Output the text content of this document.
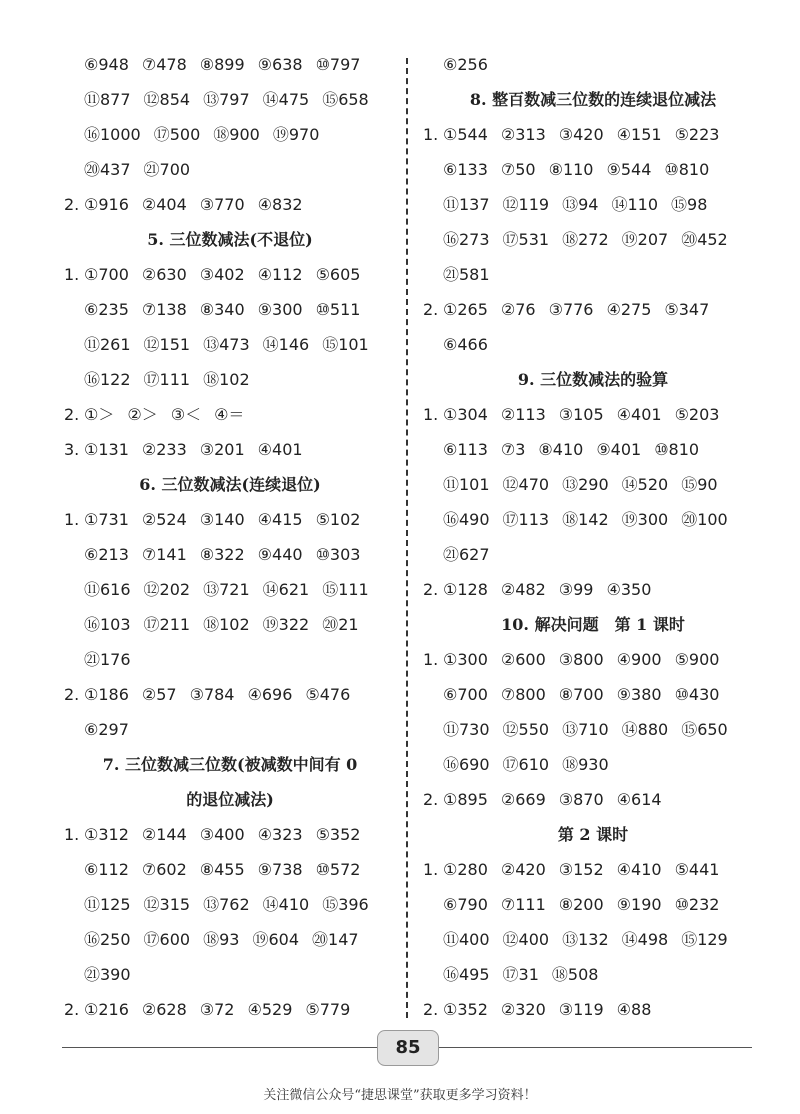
⑥948 ⑦478 ⑧899 ⑨638 ⑩797
⑪877 ⑫854 ⑬797 ⑭475 ⑮658
⑯1000 ⑰500 ⑱900 ⑲970
⑳437 ㉑700
2. ①916 ②404 ③770 ④832
5. 三位数减法(不退位)
1. ①700 ②630 ③402 ④112 ⑤605
⑥235 ⑦138 ⑧340 ⑨300 ⑩511
⑪261 ⑫151 ⑬473 ⑭146 ⑮101
⑯122 ⑰111 ⑱102
2. ①＞ ②＞ ③＜ ④＝
3. ①131 ②233 ③201 ④401
6. 三位数减法(连续退位)
1. ①731 ②524 ③140 ④415 ⑤102
⑥213 ⑦141 ⑧322 ⑨440 ⑩303
⑪616 ⑫202 ⑬721 ⑭621 ⑮111
⑯103 ⑰211 ⑱102 ⑲322 ⑳21
㉑176
2. ①186 ②57 ③784 ④696 ⑤476
⑥297
7. 三位数减三位数(被减数中间有 0
的退位减法)
1. ①312 ②144 ③400 ④323 ⑤352
⑥112 ⑦602 ⑧455 ⑨738 ⑩572
⑪125 ⑫315 ⑬762 ⑭410 ⑮396
⑯250 ⑰600 ⑱93 ⑲604 ⑳147
㉑390
2. ①216 ②628 ③72 ④529 ⑤779
⑥256
8. 整百数减三位数的连续退位减法
1. ①544 ②313 ③420 ④151 ⑤223
⑥133 ⑦50 ⑧110 ⑨544 ⑩810
⑪137 ⑫119 ⑬94 ⑭110 ⑮98
⑯273 ⑰531 ⑱272 ⑲207 ⑳452
㉑581
2. ①265 ②76 ③776 ④275 ⑤347
⑥466
9. 三位数减法的验算
1. ①304 ②113 ③105 ④401 ⑤203
⑥113 ⑦3 ⑧410 ⑨401 ⑩810
⑪101 ⑫470 ⑬290 ⑭520 ⑮90
⑯490 ⑰113 ⑱142 ⑲300 ⑳100
㉑627
2. ①128 ②482 ③99 ④350
10. 解决问题　第 1 课时
1. ①300 ②600 ③800 ④900 ⑤900
⑥700 ⑦800 ⑧700 ⑨380 ⑩430
⑪730 ⑫550 ⑬710 ⑭880 ⑮650
⑯690 ⑰610 ⑱930
2. ①895 ②669 ③870 ④614
第 2 课时
1. ①280 ②420 ③152 ④410 ⑤441
⑥790 ⑦111 ⑧200 ⑨190 ⑩232
⑪400 ⑫400 ⑬132 ⑭498 ⑮129
⑯495 ⑰31 ⑱508
2. ①352 ②320 ③119 ④88
85
关注微信公众号“捷思课堂”获取更多学习资料！
